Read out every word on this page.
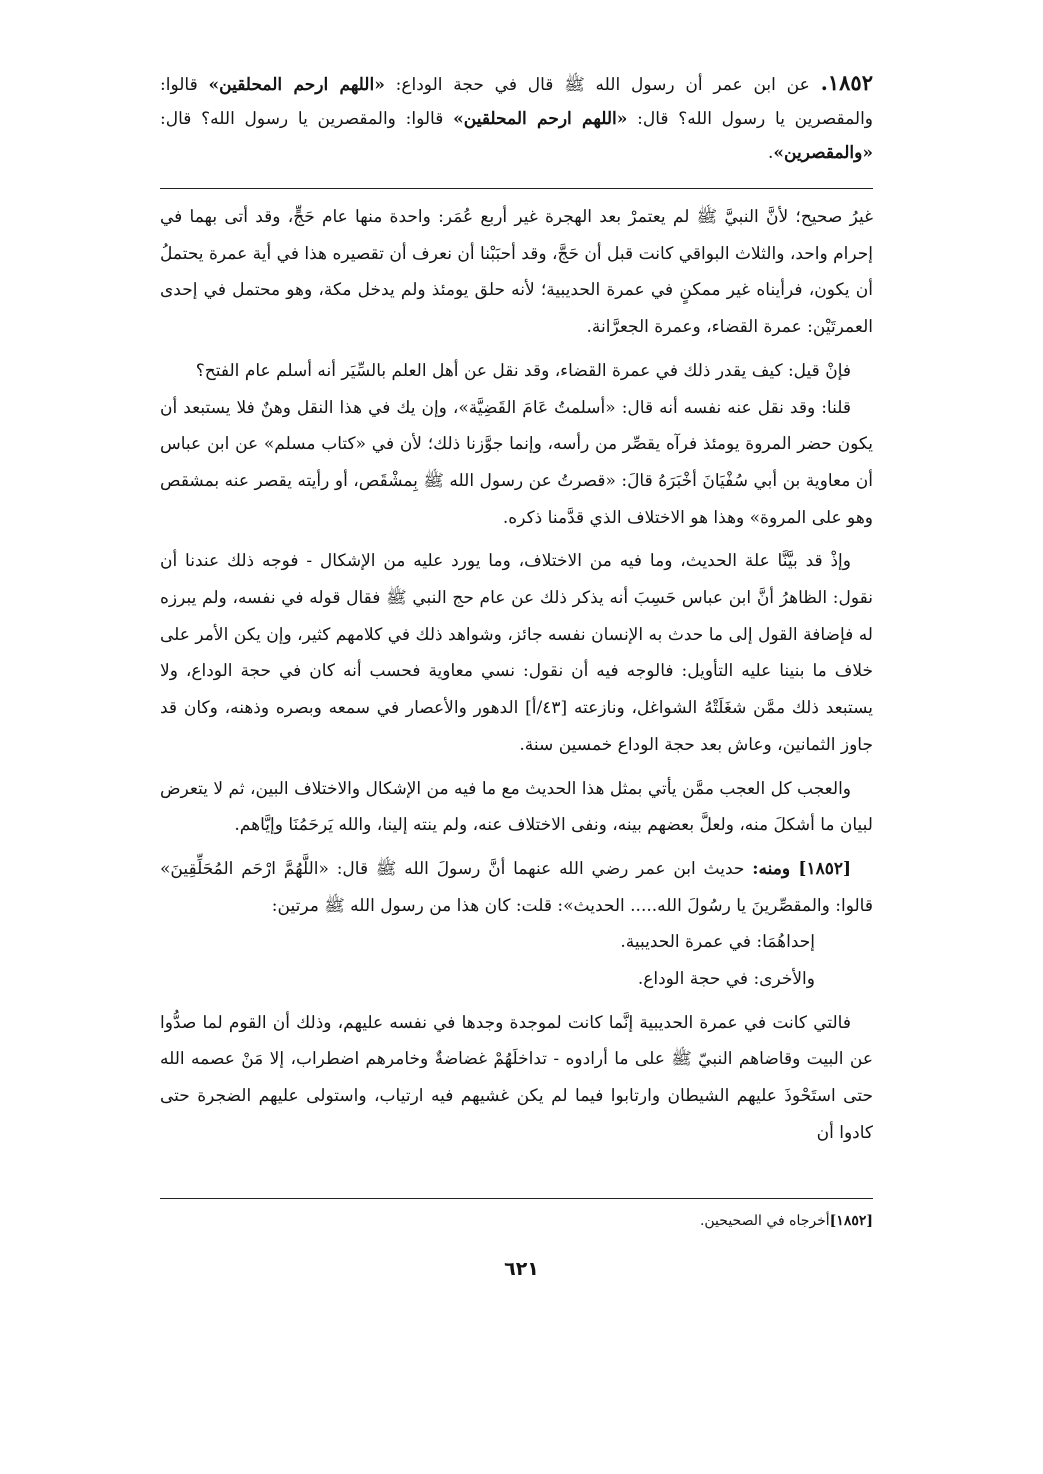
١٨٥٢. عن ابن عمر أن رسول الله ﷺ قال في حجة الوداع: «اللهم ارحم المحلقين» قالوا: والمقصرين يا رسول الله؟ قال: «اللهم ارحم المحلقين» قالوا: والمقصرين يا رسول الله؟ قال: «والمقصرين».

غيرُ صحيح؛ لأنَّ النبيَّ ﷺ لم يعتمرْ بعد الهجرة غير أربع عُمَر: واحدة منها عام حَجٍّ، وقد أتى بهما في إحرام واحد، والثلاث البواقي كانت قبل أن حَجَّ، وقد أحبَبْنا أن نعرف أن تقصيره هذا في أية عمرة يحتملُ أن يكون، فرأيناه غير ممكنٍ في عمرة الحديبية؛ لأنه حلق يومئذ ولم يدخل مكة، وهو محتمل في إحدى العمرتَيْن: عمرة القضاء، وعمرة الجعرَّانة.

فإنْ قيل: كيف يقدر ذلك في عمرة القضاء، وقد نقل عن أهل العلم بالسِّيَر أنه أسلم عام الفتح؟

قلنا: وقد نقل عنه نفسه أنه قال: «أسلمتُ عَامَ القَضِيَّة»، وإن يك في هذا النقل وهنٌ فلا يستبعد أن يكون حضر المروة يومئذ فرآه يقصِّر من رأسه، وإنما جوَّزنا ذلك؛ لأن في «كتاب مسلم» عن ابن عباس أن معاوية بن أبي سُفْيَانَ أخْبَرَهُ قالَ: «قصرتُ عن رسول الله ﷺ بِمشْقَص، أو رأيته يقصر عنه بمشقص وهو على المروة» وهذا هو الاختلاف الذي قدَّمنا ذكره.

وإذْ قد بيَّنَّا علة الحديث، وما فيه من الاختلاف، وما يورد عليه من الإشكال - فوجه ذلك عندنا أن نقول: الظاهرُ أنَّ ابن عباس حَسِبَ أنه يذكر ذلك عن عام حج النبي ﷺ فقال قوله في نفسه، ولم يبرزه له فإضافة القول إلى ما حدث به الإنسان نفسه جائز، وشواهد ذلك في كلامهم كثير، وإن يكن الأمر على خلاف ما بنينا عليه التأويل: فالوجه فيه أن نقول: نسي معاوية فحسب أنه كان في حجة الوداع، ولا يستبعد ذلك ممَّن شغَلَتْهُ الشواغل، ونازعته [٤٣/أ] الدهور والأعصار في سمعه وبصره وذهنه، وكان قد جاوز الثمانين، وعاش بعد حجة الوداع خمسين سنة.

والعجب كل العجب ممَّن يأتي بمثل هذا الحديث مع ما فيه من الإشكال والاختلاف البين، ثم لا يتعرض لبيان ما أشكلَ منه، ولعلَّ بعضهم بينه، ونفى الاختلاف عنه، ولم ينته إلينا، والله يَرحَمُنَا وإيَّاهم.

[١٨٥٢] ومنه: حديث ابن عمر رضي الله عنهما أنَّ رسولَ الله ﷺ قال: «اللَّهُمَّ ارْحَم المُحَلِّقِينَ» قالوا: والمقصِّرينَ يا رسُولَ الله..... الحديث»: قلت: كان هذا من رسول الله ﷺ مرتين:

إحداهُمَا: في عمرة الحديبية.

والأخرى: في حجة الوداع.

فالتي كانت في عمرة الحديبية إنَّما كانت لموجدة وجدها في نفسه عليهم، وذلك أن القوم لما صدُّوا عن البيت وقاضاهم النبيّ ﷺ على ما أرادوه - تداخلَهُمْ غضاضةٌ وخامرهم اضطراب، إلا مَنْ عصمه الله حتى استَحْوذَ عليهم الشيطان وارتابوا فيما لم يكن غشيهم فيه ارتياب، واستولى عليهم الضجرة حتى كادوا أن

[١٨٥٢]أخرجاه في الصحيحين.
٦٢١
